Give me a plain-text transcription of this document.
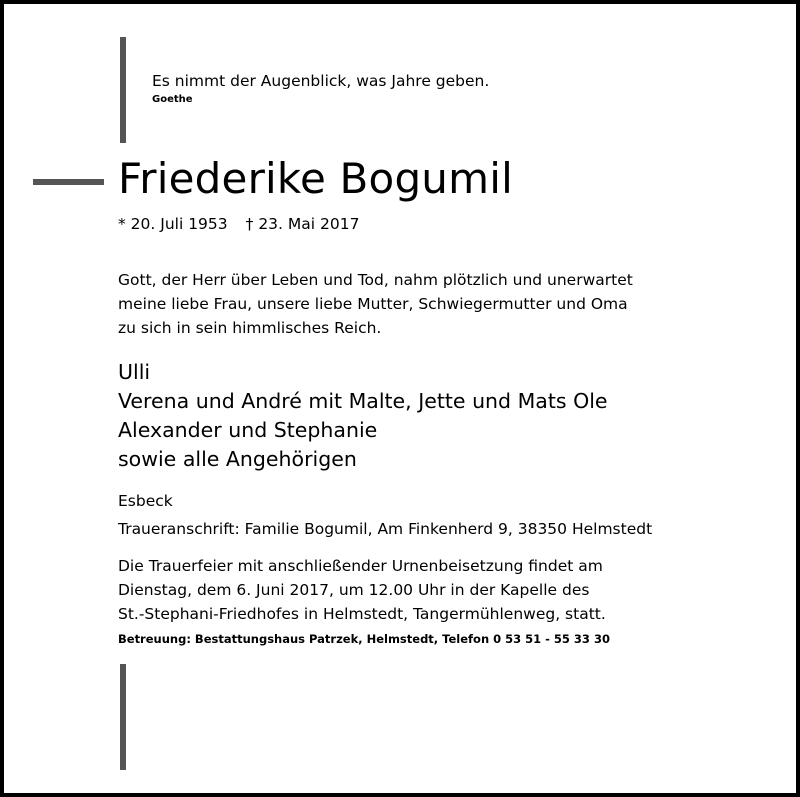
Es nimmt der Augenblick, was Jahre geben.
Goethe
Friederike Bogumil
* 20. Juli 1953 † 23. Mai 2017
Gott, der Herr über Leben und Tod, nahm plötzlich und unerwartet
meine liebe Frau, unsere liebe Mutter, Schwiegermutter und Oma
zu sich in sein himmlisches Reich.
Ulli
Verena und André mit Malte, Jette und Mats Ole
Alexander und Stephanie
sowie alle Angehörigen
Esbeck
Traueranschrift: Familie Bogumil, Am Finkenherd 9, 38350 Helmstedt
Die Trauerfeier mit anschließender Urnenbeisetzung findet am
Dienstag, dem 6. Juni 2017, um 12.00 Uhr in der Kapelle des
St.-Stephani-Friedhofes in Helmstedt, Tangermühlenweg, statt.
Betreuung: Bestattungshaus Patrzek, Helmstedt, Telefon 0 53 51 - 55 33 30
